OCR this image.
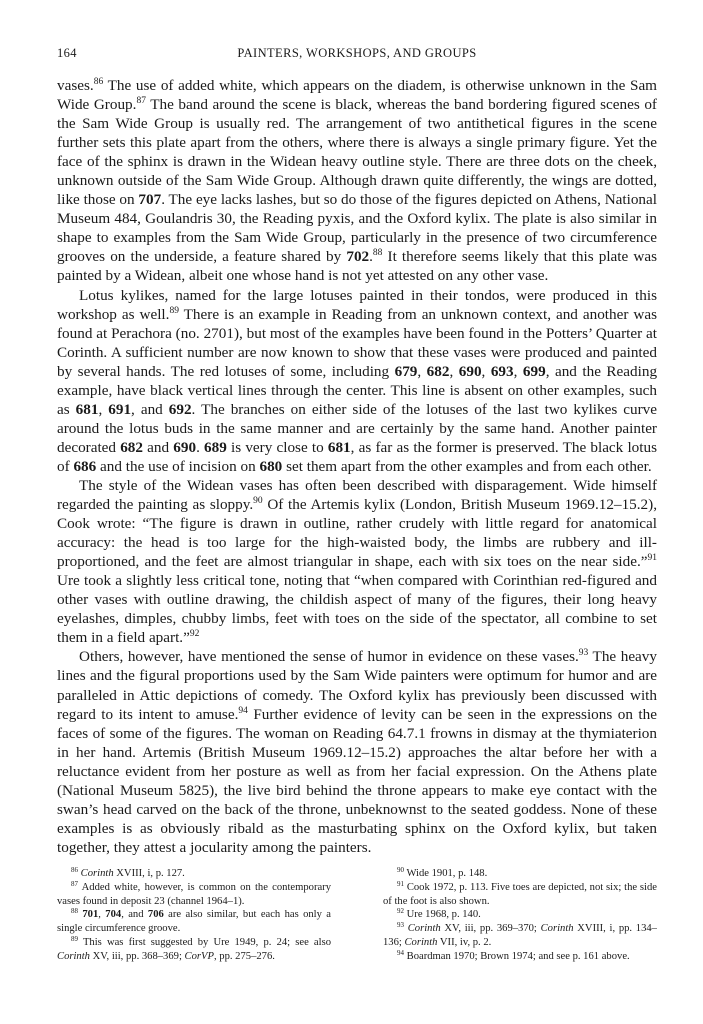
164	PAINTERS, WORKSHOPS, AND GROUPS

vases.$^{86}$ The use of added white, which appears on the diadem, is otherwise unknown in the Sam Wide Group.$^{87}$ The band around the scene is black, whereas the band bordering figured scenes of the Sam Wide Group is usually red. The arrangement of two antithetical figures in the scene further sets this plate apart from the others, where there is always a single primary figure. Yet the face of the sphinx is drawn in the Widean heavy outline style. There are three dots on the cheek, unknown outside of the Sam Wide Group. Although drawn quite differently, the wings are dotted, like those on 707. The eye lacks lashes, but so do those of the figures depicted on Athens, National Museum 484, Goulandris 30, the Reading pyxis, and the Oxford kylix. The plate is also similar in shape to examples from the Sam Wide Group, particularly in the presence of two circumference grooves on the underside, a feature shared by 702.88 It therefore seems likely that this plate was painted by a Widean, albeit one whose hand is not yet attested on any other vase.

Lotus kylikes, named for the large lotuses painted in their tondos, were produced in this workshop as well.$^{89}$ There is an example in Reading from an unknown context, and another was found at Perachora (no. 2701), but most of the examples have been found in the Potters’ Quarter at Corinth. A sufficient number are now known to show that these vases were produced and painted by several hands. The red lotuses of some, including 679, 682, 690, 693, 699, and the Reading example, have black vertical lines through the center. This line is absent on other examples, such as 681, 691, and 692. The branches on either side of the lotuses of the last two kylikes curve around the lotus buds in the same manner and are certainly by the same hand. Another painter decorated 682 and 690. 689 is very close to 681, as far as the former is preserved. The black lotus of 686 and the use of incision on 680 set them apart from the other examples and from each other.

The style of the Widean vases has often been described with disparagement. Wide himself regarded the painting as sloppy.$^{90}$ Of the Artemis kylix (London, British Museum 1969.12–15.2), Cook wrote: “The figure is drawn in outline, rather crudely with little regard for anatomical accuracy: the head is too large for the high-waisted body, the limbs are rubbery and ill-proportioned, and the feet are almost triangular in shape, each with six toes on the near side.”$^{91}$ Ure took a slightly less critical tone, noting that “when compared with Corinthian red-figured and other vases with outline drawing, the childish aspect of many of the figures, their long heavy eyelashes, dimples, chubby limbs, feet with toes on the side of the spectator, all combine to set them in a field apart.”$^{92}$

Others, however, have mentioned the sense of humor in evidence on these vases.$^{93}$ The heavy lines and the figural proportions used by the Sam Wide painters were optimum for humor and are paralleled in Attic depictions of comedy. The Oxford kylix has previously been discussed with regard to its intent to amuse.$^{94}$ Further evidence of levity can be seen in the expressions on the faces of some of the figures. The woman on Reading 64.7.1 frowns in dismay at the thymiaterion in her hand. Artemis (British Museum 1969.12–15.2) approaches the altar before her with a reluctance evident from her posture as well as from her facial expression. On the Athens plate (National Museum 5825), the live bird behind the throne appears to make eye contact with the swan’s head carved on the back of the throne, unbeknownst to the seated goddess. None of these examples is as obviously ribald as the masturbating sphinx on the Oxford kylix, but taken together, they attest a jocularity among the painters.

$^{86}$ Corinth XVIII, i, p. 127.

$^{87}$ Added white, however, is common on the contemporary vases found in deposit 23 (channel 1964–1).

$^{88}$ 701, 704, and 706 are also similar, but each has only a single circumference groove.

$^{89}$ This was first suggested by Ure 1949, p. 24; see also Corinth XV, iii, pp. 368–369; CorVP, pp. 275–276.

$^{90}$ Wide 1901, p. 148.

$^{91}$ Cook 1972, p. 113. Five toes are depicted, not six; the side of the foot is also shown.

$^{92}$ Ure 1968, p. 140.

$^{93}$ Corinth XV, iii, pp. 369–370; Corinth XVIII, i, pp. 134–136; Corinth VII, iv, p. 2.

$^{94}$ Boardman 1970; Brown 1974; and see p. 161 above.
